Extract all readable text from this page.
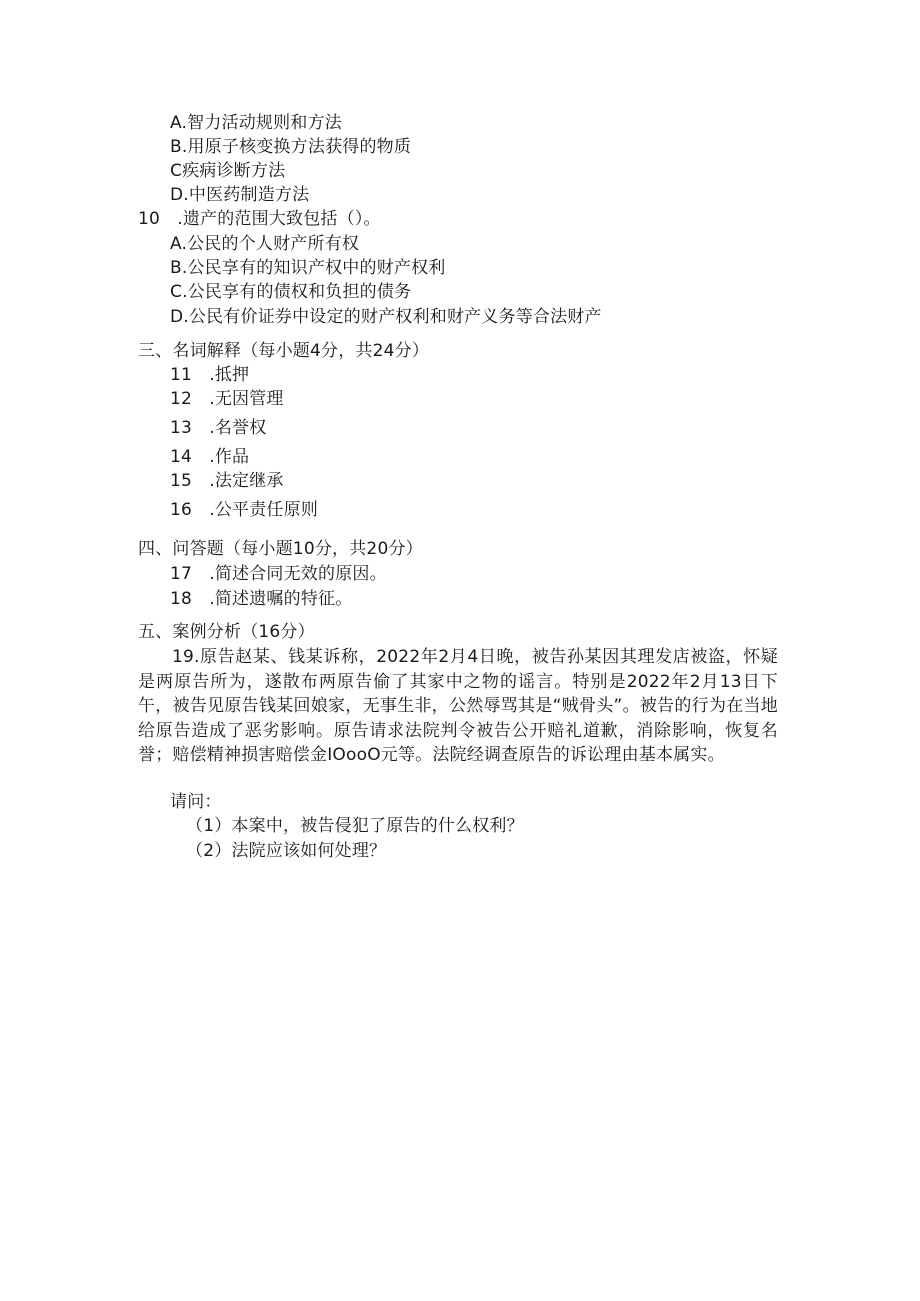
A.智力活动规则和方法
B.用原子核变换方法获得的物质
C疾病诊断方法
D.中医药制造方法
10　.遗产的范围大致包括（）。
A.公民的个人财产所有权
B.公民享有的知识产权中的财产权利
C.公民享有的债权和负担的债务
D.公民有价证券中设定的财产权利和财产义务等合法财产
三、名词解释（每小题4分，共24分）
11　.抵押
12　.无因管理
13　.名誉权
14　.作品
15　.法定继承
16　.公平责任原则
四、问答题（每小题10分，共20分）
17　.简述合同无效的原因。
18　.简述遗嘱的特征。
五、案例分析（16分）
19.原告赵某、钱某诉称，2022年2月4日晚，被告孙某因其理发店被盗，怀疑是两原告所为，遂散布两原告偷了其家中之物的谣言。特别是2022年2月13日下午，被告见原告钱某回娘家，无事生非，公然辱骂其是“贼骨头”。被告的行为在当地给原告造成了恶劣影响。原告请求法院判令被告公开赔礼道歉，消除影响，恢复名誉；赔偿精神损害赔偿金IOooO元等。法院经调查原告的诉讼理由基本属实。
请问：
（1）本案中，被告侵犯了原告的什么权利？
（2）法院应该如何处理？
